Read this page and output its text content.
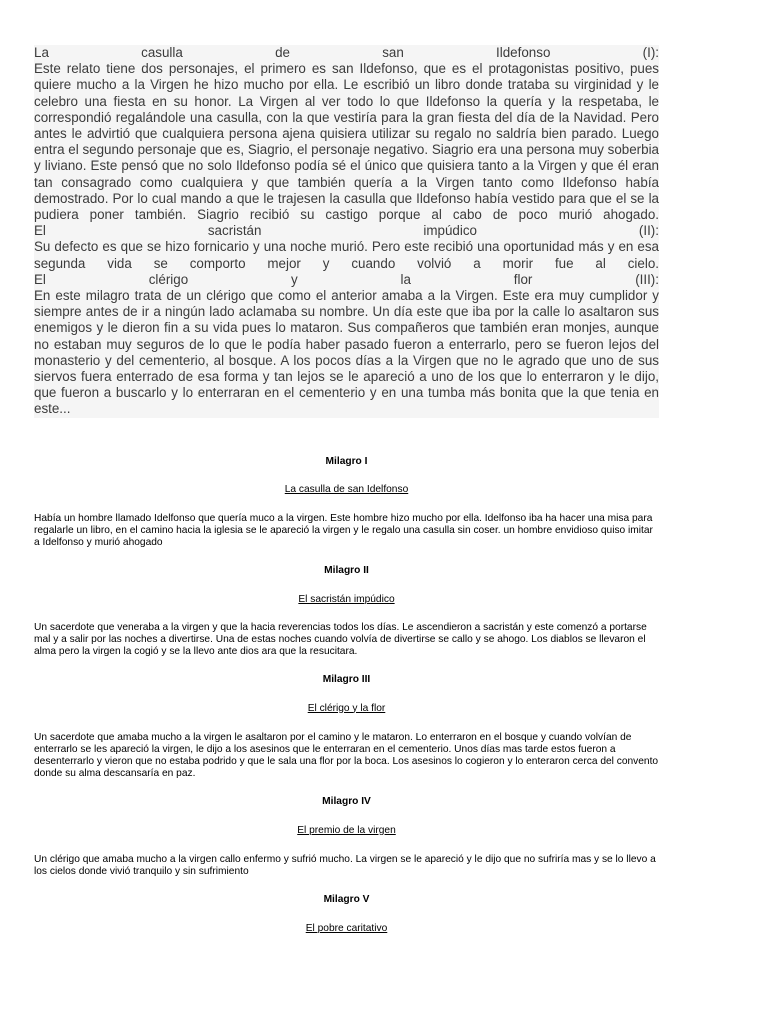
La casulla de san Ildefonso (I):

Este relato tiene dos personajes, el primero es san Ildefonso, que es el protagonistas positivo, pues quiere mucho a la Virgen he hizo mucho por ella. Le escribió un libro donde trataba su virginidad y le celebro una fiesta en su honor. La Virgen al ver todo lo que Ildefonso la quería y la respetaba, le correspondió regalándole una casulla, con la que vestiría para la gran fiesta del día de la Navidad. Pero antes le advirtió que cualquiera persona ajena quisiera utilizar su regalo no saldría bien parado. Luego entra el segundo personaje que es, Siagrio, el personaje negativo. Siagrio era una persona muy soberbia y liviano. Este pensó que no solo Ildefonso podía sé el único que quisiera tanto a la Virgen y que él eran tan consagrado como cualquiera y que también quería a la Virgen tanto como Ildefonso había demostrado. Por lo cual mando a que le trajesen la casulla que Ildefonso había vestido para que el se la pudiera poner también. Siagrio recibió su castigo porque al cabo de poco murió ahogado.

El sacristán impúdico (II):

Su defecto es que se hizo fornicario y una noche murió. Pero este recibió una oportunidad más y en esa segunda vida se comporto mejor y cuando volvió a morir fue al cielo.

El clérigo y la flor (III):

En este milagro trata de un clérigo que como el anterior amaba a la Virgen. Este era muy cumplidor y siempre antes de ir a ningún lado aclamaba su nombre. Un día este que iba por la calle lo asaltaron sus enemigos y le dieron fin a su vida pues lo mataron. Sus compañeros que también eran monjes, aunque no estaban muy seguros de lo que le podía haber pasado fueron a enterrarlo, pero se fueron lejos del monasterio y del cementerio, al bosque. A los pocos días a la Virgen que no le agrado que uno de sus siervos fuera enterrado de esa forma y tan lejos se le apareció a uno de los que lo enterraron y le dijo, que fueron a buscarlo y lo enterraran en el cementerio y en una tumba más bonita que la que tenia en este...

Milagro I

La casulla de san Idelfonso

Había un hombre llamado Idelfonso que quería muco a la virgen. Este hombre hizo mucho por ella. Idelfonso iba ha hacer una misa para regalarle un libro, en el camino hacia la iglesia se le apareció la virgen y le regalo una casulla sin coser. un hombre envidioso quiso imitar a Idelfonso y murió ahogado

Milagro II

El sacristán impúdico

Un sacerdote que veneraba a la virgen y que la hacia reverencias todos los días. Le ascendieron a sacristán y este comenzó a portarse mal y a salir por las noches a divertirse. Una de estas noches cuando volvía de divertirse se callo y se ahogo. Los diablos se llevaron el alma pero la virgen la cogió y se la llevo ante dios ara que la resucitara.

Milagro III

El clérigo y la flor

Un sacerdote que amaba mucho a la virgen le asaltaron por el camino y le mataron. Lo enterraron en el bosque y cuando volvían de enterrarlo se les apareció la virgen, le dijo a los asesinos que le enterraran en el cementerio. Unos días mas tarde estos fueron a desenterrarlo y vieron que no estaba podrido y que le sala una flor por la boca. Los asesinos lo cogieron y lo enteraron cerca del convento donde su alma descansaría en paz.

Milagro IV

El premio de la virgen

Un clérigo que amaba mucho a la virgen callo enfermo y sufrió mucho. La virgen se le apareció y le dijo que no sufriría mas y se lo llevo a los cielos donde vivió tranquilo y sin sufrimiento

Milagro V

El pobre caritativo
